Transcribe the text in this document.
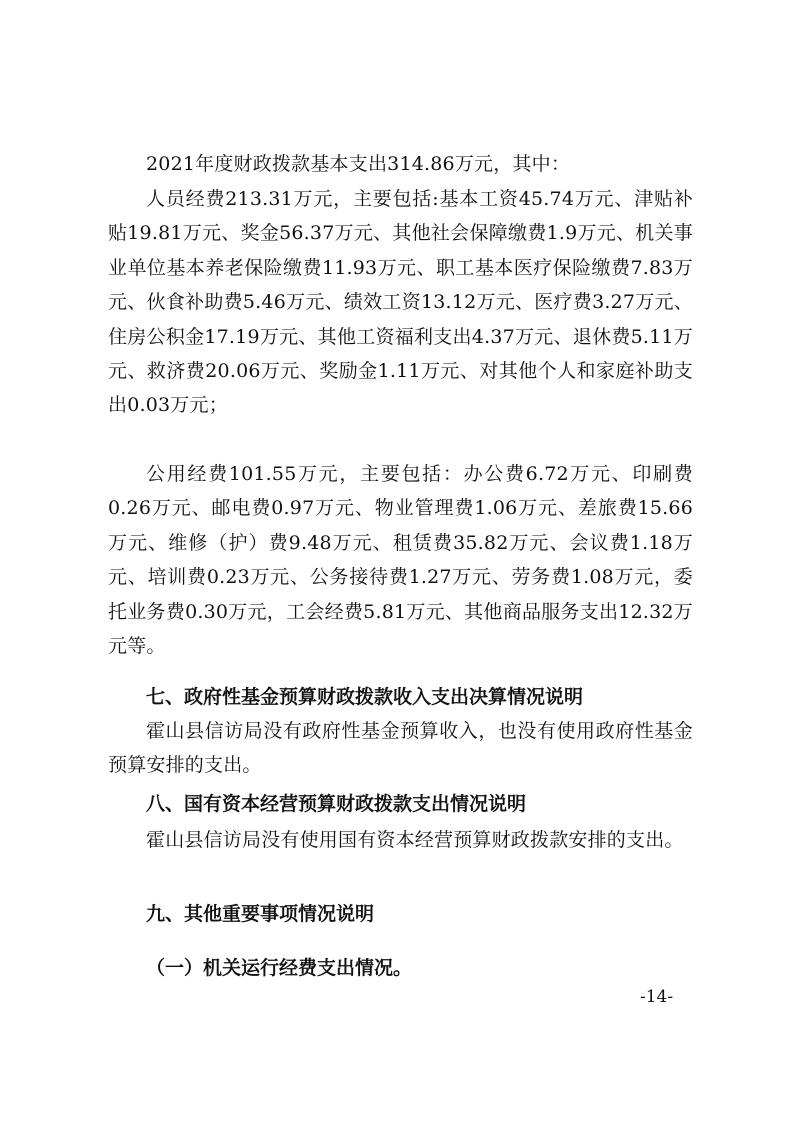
2021年度财政拨款基本支出314.86万元，其中：

人员经费213.31万元，主要包括:基本工资45.74万元、津贴补贴19.81万元、奖金56.37万元、其他社会保障缴费1.9万元、机关事业单位基本养老保险缴费11.93万元、职工基本医疗保险缴费7.83万元、伙食补助费5.46万元、绩效工资13.12万元、医疗费3.27万元、住房公积金17.19万元、其他工资福利支出4.37万元、退休费5.11万元、救济费20.06万元、奖励金1.11万元、对其他个人和家庭补助支出0.03万元；

公用经费101.55万元，主要包括：办公费6.72万元、印刷费0.26万元、邮电费0.97万元、物业管理费1.06万元、差旅费15.66万元、维修（护）费9.48万元、租赁费35.82万元、会议费1.18万元、培训费0.23万元、公务接待费1.27万元、劳务费1.08万元，委托业务费0.30万元，工会经费5.81万元、其他商品服务支出12.32万元等。

七、政府性基金预算财政拨款收入支出决算情况说明

霍山县信访局没有政府性基金预算收入，也没有使用政府性基金预算安排的支出。

八、国有资本经营预算财政拨款支出情况说明

霍山县信访局没有使用国有资本经营预算财政拨款安排的支出。

九、其他重要事项情况说明
（一）机关运行经费支出情况。
-14-
